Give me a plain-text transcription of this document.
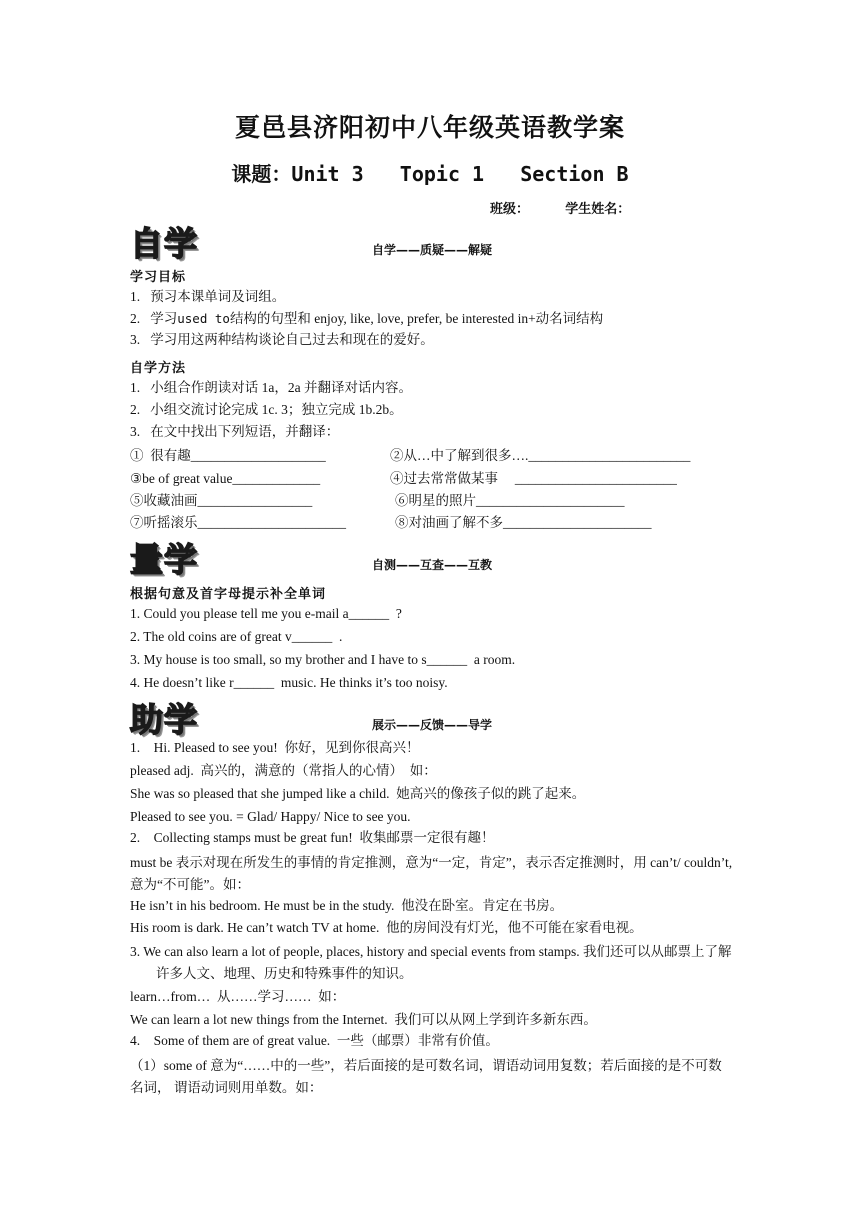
夏邑县济阳初中八年级英语教学案
课题：Unit 3   Topic 1   Section B
班级：        学生姓名：
自学	自学——质疑——解疑
学习目标
1.   预习本课单词及词组。
2.   学习used to结构的句型和 enjoy, like, love, prefer, be interested in+动名词结构
3.   学习用这两种结构谈论自己过去和现在的爱好。
自学方法
1.   小组合作朗读对话 1a，2a 并翻译对话内容。
2.   小组交流讨论完成 1c. 3；独立完成 1b.2b。
3.   在文中找出下列短语，并翻译：
①  很有趣____________________	②从…中了解到很多….________________________
③be of great value_____________	④过去常常做某事     ________________________
⑤收藏油画_________________	⑥明星的照片______________________
⑦听摇滚乐______________________	⑧对油画了解不多______________________
量学	自测——互查——互教
根据句意及首字母提示补全单词
1. Could you please tell me you e-mail a______  ?
2. The old coins are of great v______  .
3. My house is too small, so my brother and I have to s______  a room.
4. He doesn’t like r______  music. He thinks it’s too noisy.
助学	展示——反馈——导学
1.    Hi. Pleased to see you!  你好，见到你很高兴！
pleased adj.  高兴的，满意的（常指人的心情）  如：
She was so pleased that she jumped like a child.  她高兴的像孩子似的跳了起来。
Pleased to see you. = Glad/ Happy/ Nice to see you.
2.    Collecting stamps must be great fun!  收集邮票一定很有趣！
must be 表示对现在所发生的事情的肯定推测，意为“一定，肯定”，表示否定推测时，用 can’t/ couldn’t, 意为“不可能”。如：
He isn’t in his bedroom. He must be in the study.  他没在卧室。肯定在书房。
His room is dark. He can’t watch TV at home.  他的房间没有灯光，他不可能在家看电视。
3. We can also learn a lot of people, places, history and special events from stamps. 我们还可以从邮票上了解许多人文、地理、历史和特殊事件的知识。
learn…from…  从……学习……  如：
We can learn a lot new things from the Internet.  我们可以从网上学到许多新东西。
4.    Some of them are of great value.  一些（邮票）非常有价值。
（1）some of 意为“……中的一些”，若后面接的是可数名词，谓语动词用复数；若后面接的是不可数名词， 谓语动词则用单数。如：
